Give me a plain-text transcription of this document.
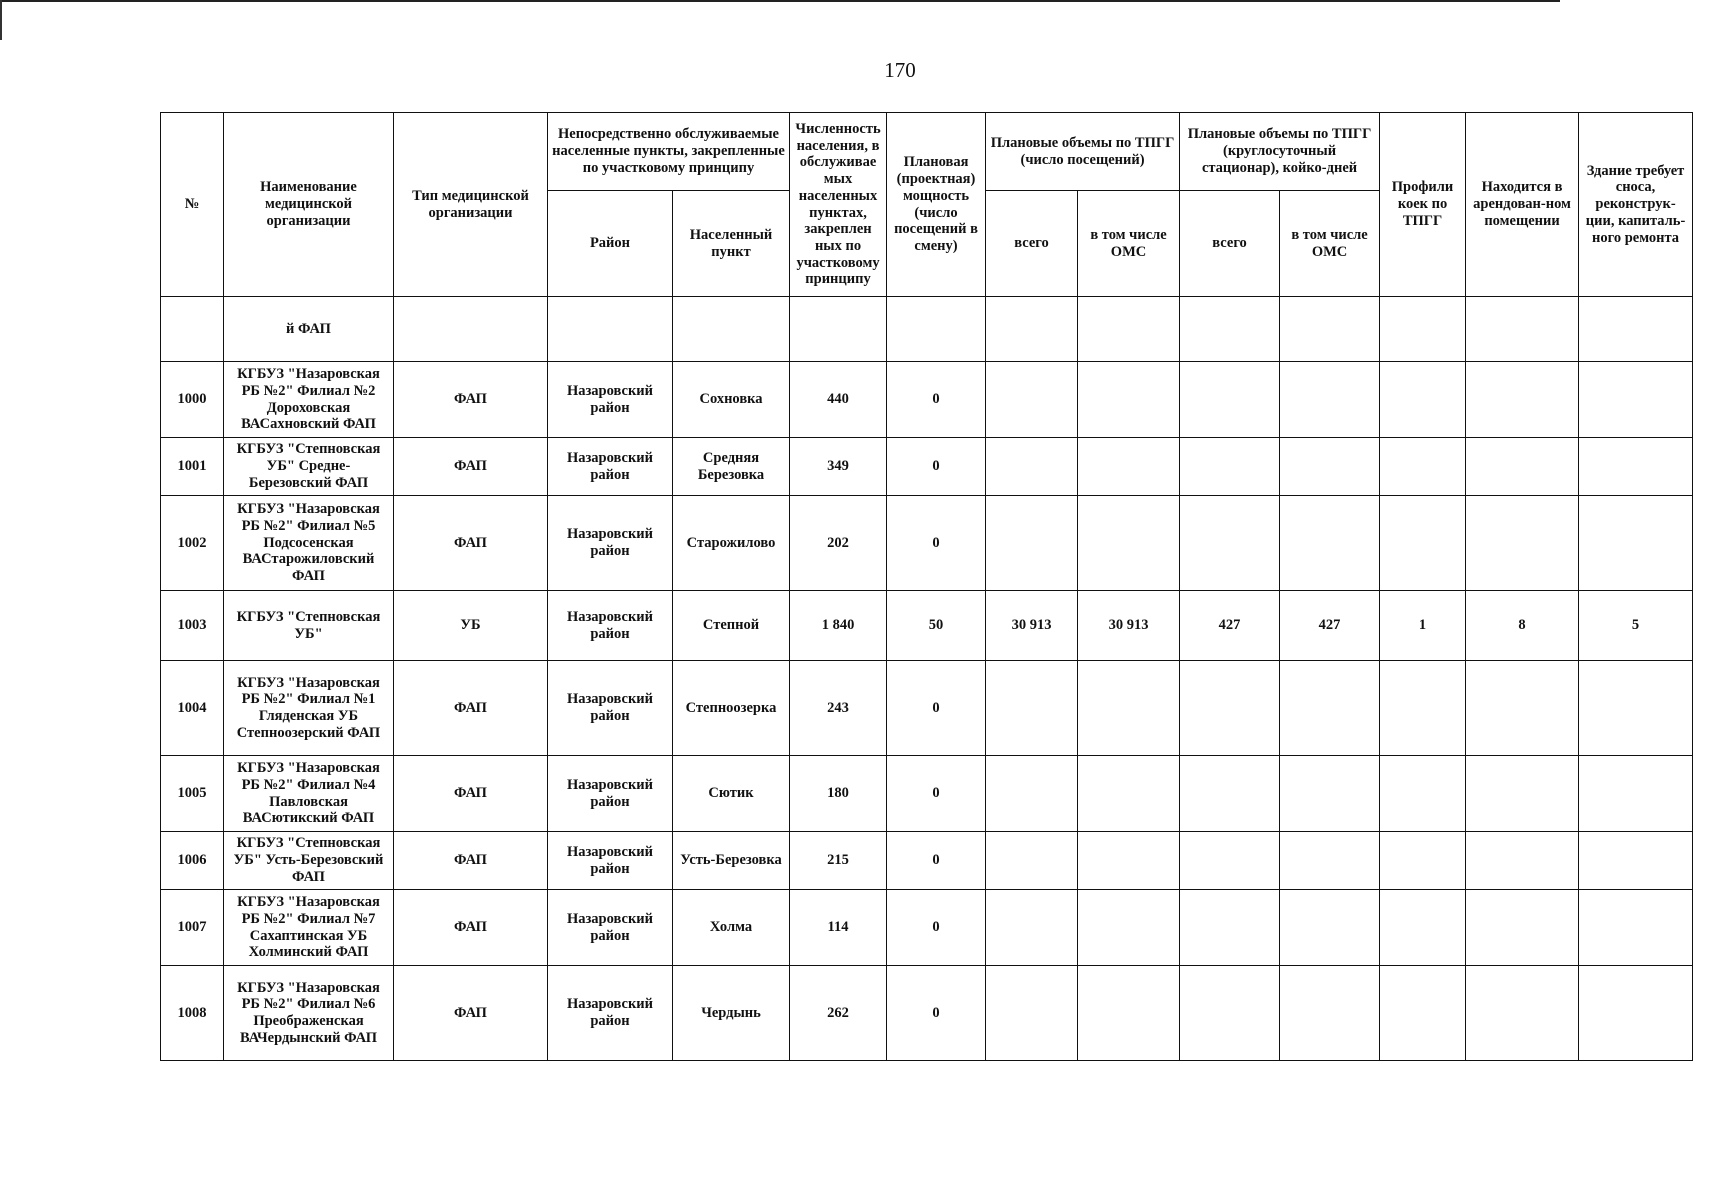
170
№	Наименование медицинской организации	Тип медицинской организации	Непосредственно обслуживаемые населенные пункты, закрепленные по участковому принципу		Численность населения, в обслуживае мых населенных пунктах, закреплен ных по участковому принципу	Плановая (проектная) мощность (число посещений в смену)	Плановые объемы по ТПГГ (число посещений)		Плановые объемы по ТПГГ (круглосуточный стационар), койко-дней		Профили коек по ТПГГ	Находится в арендован-ном помещении	Здание требует сноса, реконструк-ции, капиталь-ного ремонта
			Район	Населенный пункт			всего	в том числе ОМС	всего	в том числе ОМС			
	й ФАП												
1000	КГБУЗ "Назаровская РБ №2" Филиал №2 Дороховская ВАСахновский ФАП	ФАП	Назаровский район	Сохновка	440	0							
1001	КГБУЗ "Степновская УБ" Средне-Березовский ФАП	ФАП	Назаровский район	Средняя Березовка	349	0							
1002	КГБУЗ "Назаровская РБ №2" Филиал №5 Подсосенская ВАСтарожиловский ФАП	ФАП	Назаровский район	Старожилово	202	0							
1003	КГБУЗ "Степновская УБ"	УБ	Назаровский район	Степной	1 840	50	30 913	30 913	427	427	1	8	5
1004	КГБУЗ "Назаровская РБ №2" Филиал №1 Гляденская УБ Степноозерский ФАП	ФАП	Назаровский район	Степноозерка	243	0							
1005	КГБУЗ "Назаровская РБ №2" Филиал №4 Павловская ВАСютикский ФАП	ФАП	Назаровский район	Сютик	180	0							
1006	КГБУЗ "Степновская УБ" Усть-Березовский ФАП	ФАП	Назаровский район	Усть-Березовка	215	0							
1007	КГБУЗ "Назаровская РБ №2" Филиал №7 Сахаптинская УБ Холминский ФАП	ФАП	Назаровский район	Холма	114	0							
1008	КГБУЗ "Назаровская РБ №2" Филиал №6 Преображенская ВАЧердынский ФАП	ФАП	Назаровский район	Чердынь	262	0							
